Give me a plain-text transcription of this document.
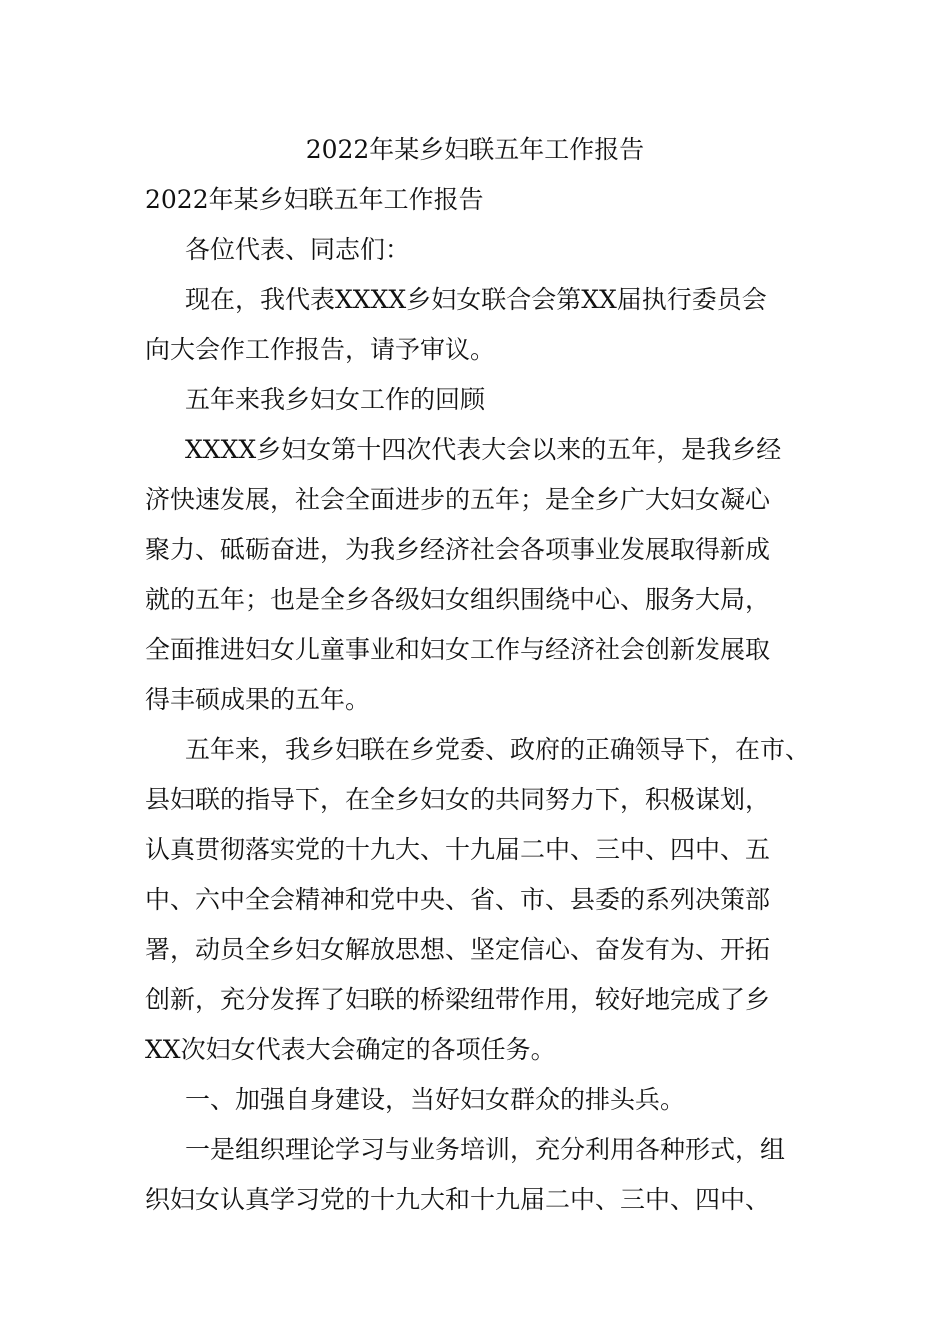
2022年某乡妇联五年工作报告
2022年某乡妇联五年工作报告
各位代表、同志们：
现在，我代表XXXX乡妇女联合会第XX届执行委员会
向大会作工作报告，请予审议。
五年来我乡妇女工作的回顾
XXXX乡妇女第十四次代表大会以来的五年，是我乡经
济快速发展，社会全面进步的五年；是全乡广大妇女凝心
聚力、砥砺奋进，为我乡经济社会各项事业发展取得新成
就的五年；也是全乡各级妇女组织围绕中心、服务大局，
全面推进妇女儿童事业和妇女工作与经济社会创新发展取
得丰硕成果的五年。
五年来，我乡妇联在乡党委、政府的正确领导下，在市、
县妇联的指导下，在全乡妇女的共同努力下，积极谋划，
认真贯彻落实党的十九大、十九届二中、三中、四中、五
中、六中全会精神和党中央、省、市、县委的系列决策部
署，动员全乡妇女解放思想、坚定信心、奋发有为、开拓
创新，充分发挥了妇联的桥梁纽带作用，较好地完成了乡
XX次妇女代表大会确定的各项任务。
一、加强自身建设，当好妇女群众的排头兵。
一是组织理论学习与业务培训，充分利用各种形式，组
织妇女认真学习党的十九大和十九届二中、三中、四中、
